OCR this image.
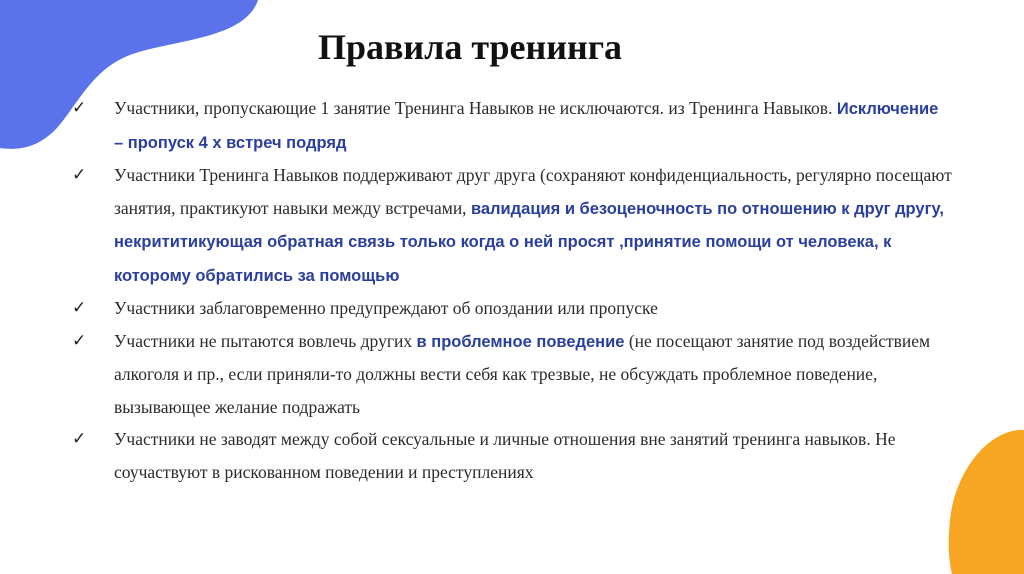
Правила тренинга
✓ Участники, пропускающие 1 занятие Тренинга Навыков не исключаются. из Тренинга Навыков. Исключение – пропуск 4 х встреч подряд
✓ Участники Тренинга Навыков поддерживают друг друга (сохраняют конфиденциальность, регулярно посещают занятия, практикуют навыки между встречами, валидация и безоценочность по отношению к друг другу, некрититикующая обратная связь только когда о ней просят ,принятие помощи от человека, к которому обратились за помощью
✓ Участники заблаговременно предупреждают об опоздании или пропуске
✓ Участники не пытаются вовлечь других в проблемное поведение (не посещают занятие под воздействием алкоголя и пр., если приняли-то должны вести себя как трезвые, не обсуждать проблемное поведение, вызывающее желание подражать
✓ Участники не заводят между собой сексуальные и личные отношения вне занятий тренинга навыков. Не соучаствуют в рискованном поведении и преступлениях
